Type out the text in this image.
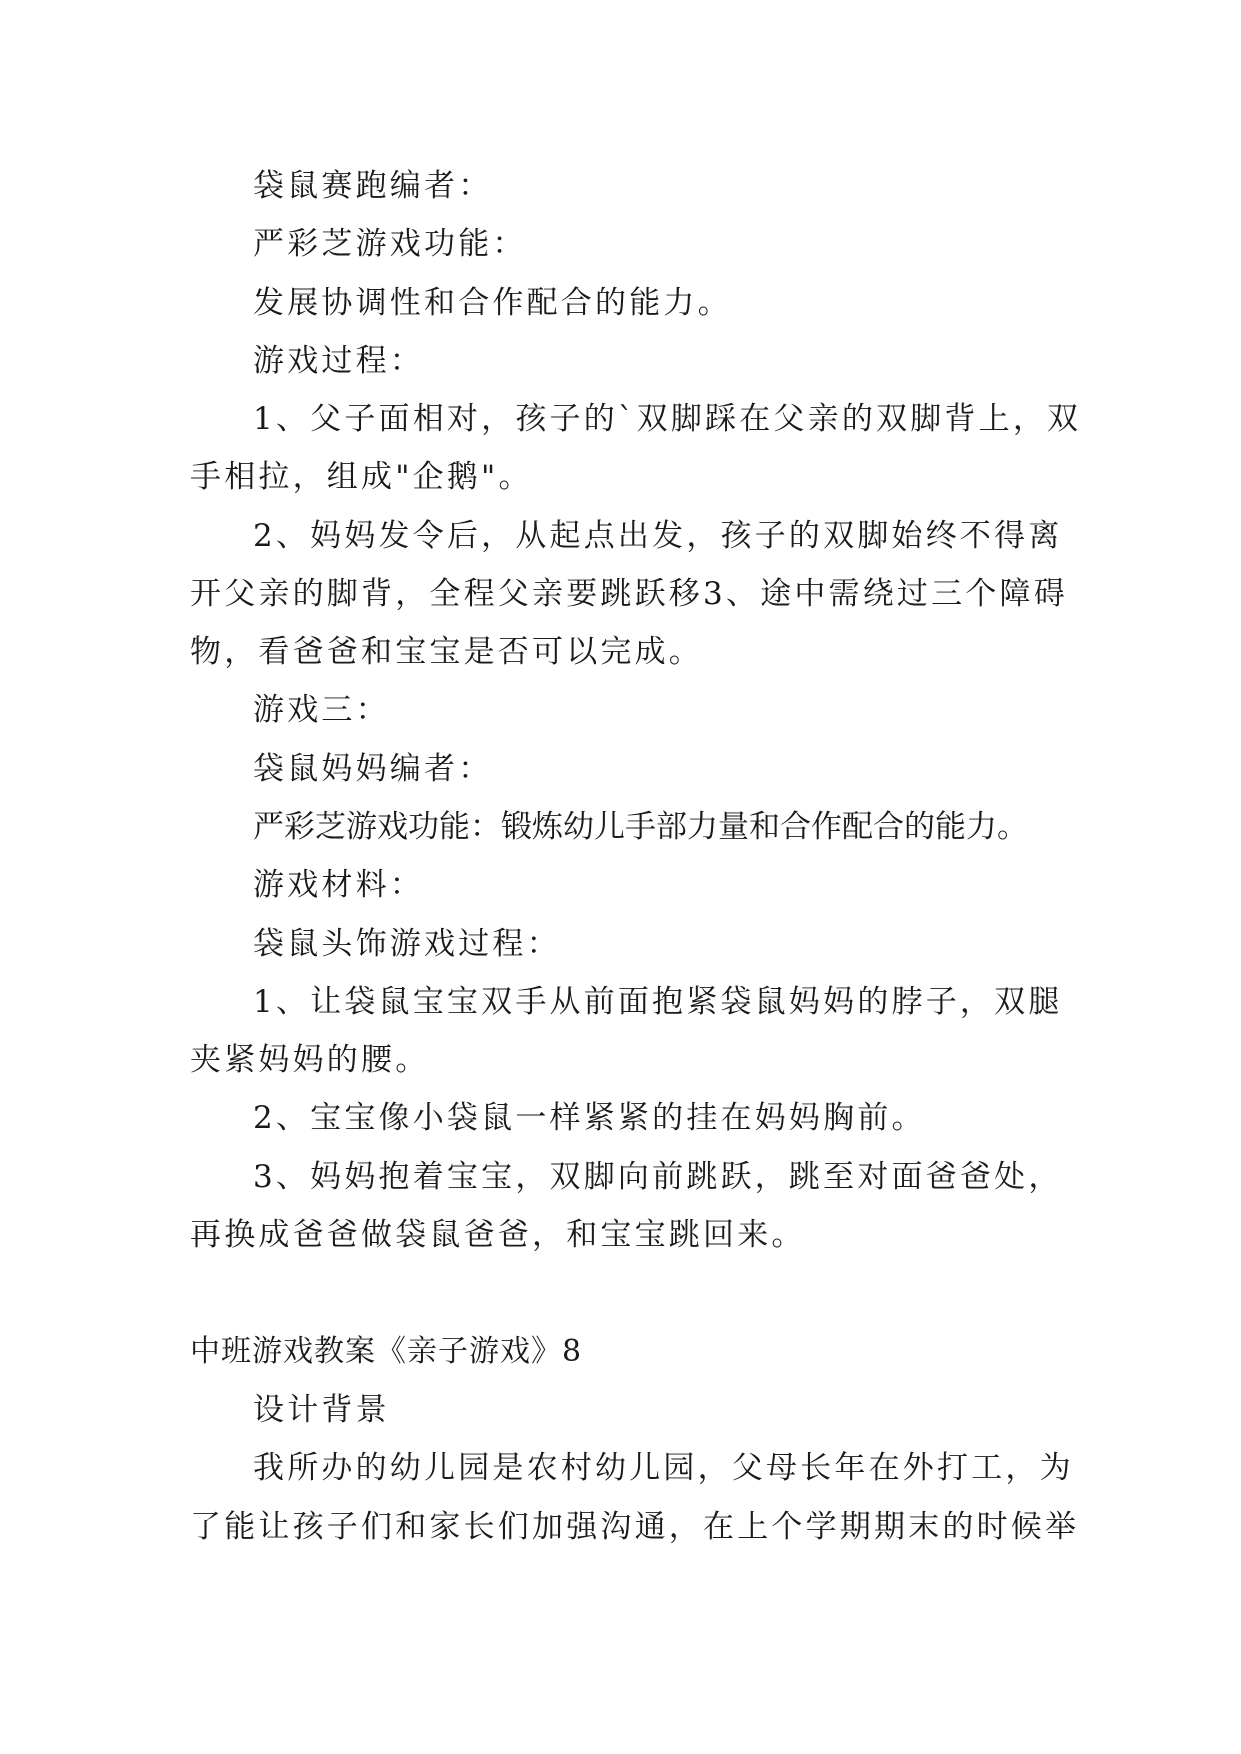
袋鼠赛跑编者：

严彩芝游戏功能：

发展协调性和合作配合的能力。

游戏过程：

1、父子面相对，孩子的`双脚踩在父亲的双脚背上，双

手相拉，组成"企鹅"。

2、妈妈发令后，从起点出发，孩子的双脚始终不得离

开父亲的脚背，全程父亲要跳跃移3、途中需绕过三个障碍

物，看爸爸和宝宝是否可以完成。

游戏三：

袋鼠妈妈编者：

严彩芝游戏功能：锻炼幼儿手部力量和合作配合的能力。

游戏材料：

袋鼠头饰游戏过程：

1、让袋鼠宝宝双手从前面抱紧袋鼠妈妈的脖子，双腿

夹紧妈妈的腰。

2、宝宝像小袋鼠一样紧紧的挂在妈妈胸前。

3、妈妈抱着宝宝，双脚向前跳跃，跳至对面爸爸处，

再换成爸爸做袋鼠爸爸，和宝宝跳回来。

中班游戏教案《亲子游戏》8

设计背景

我所办的幼儿园是农村幼儿园，父母长年在外打工，为

了能让孩子们和家长们加强沟通，在上个学期期末的时候举
